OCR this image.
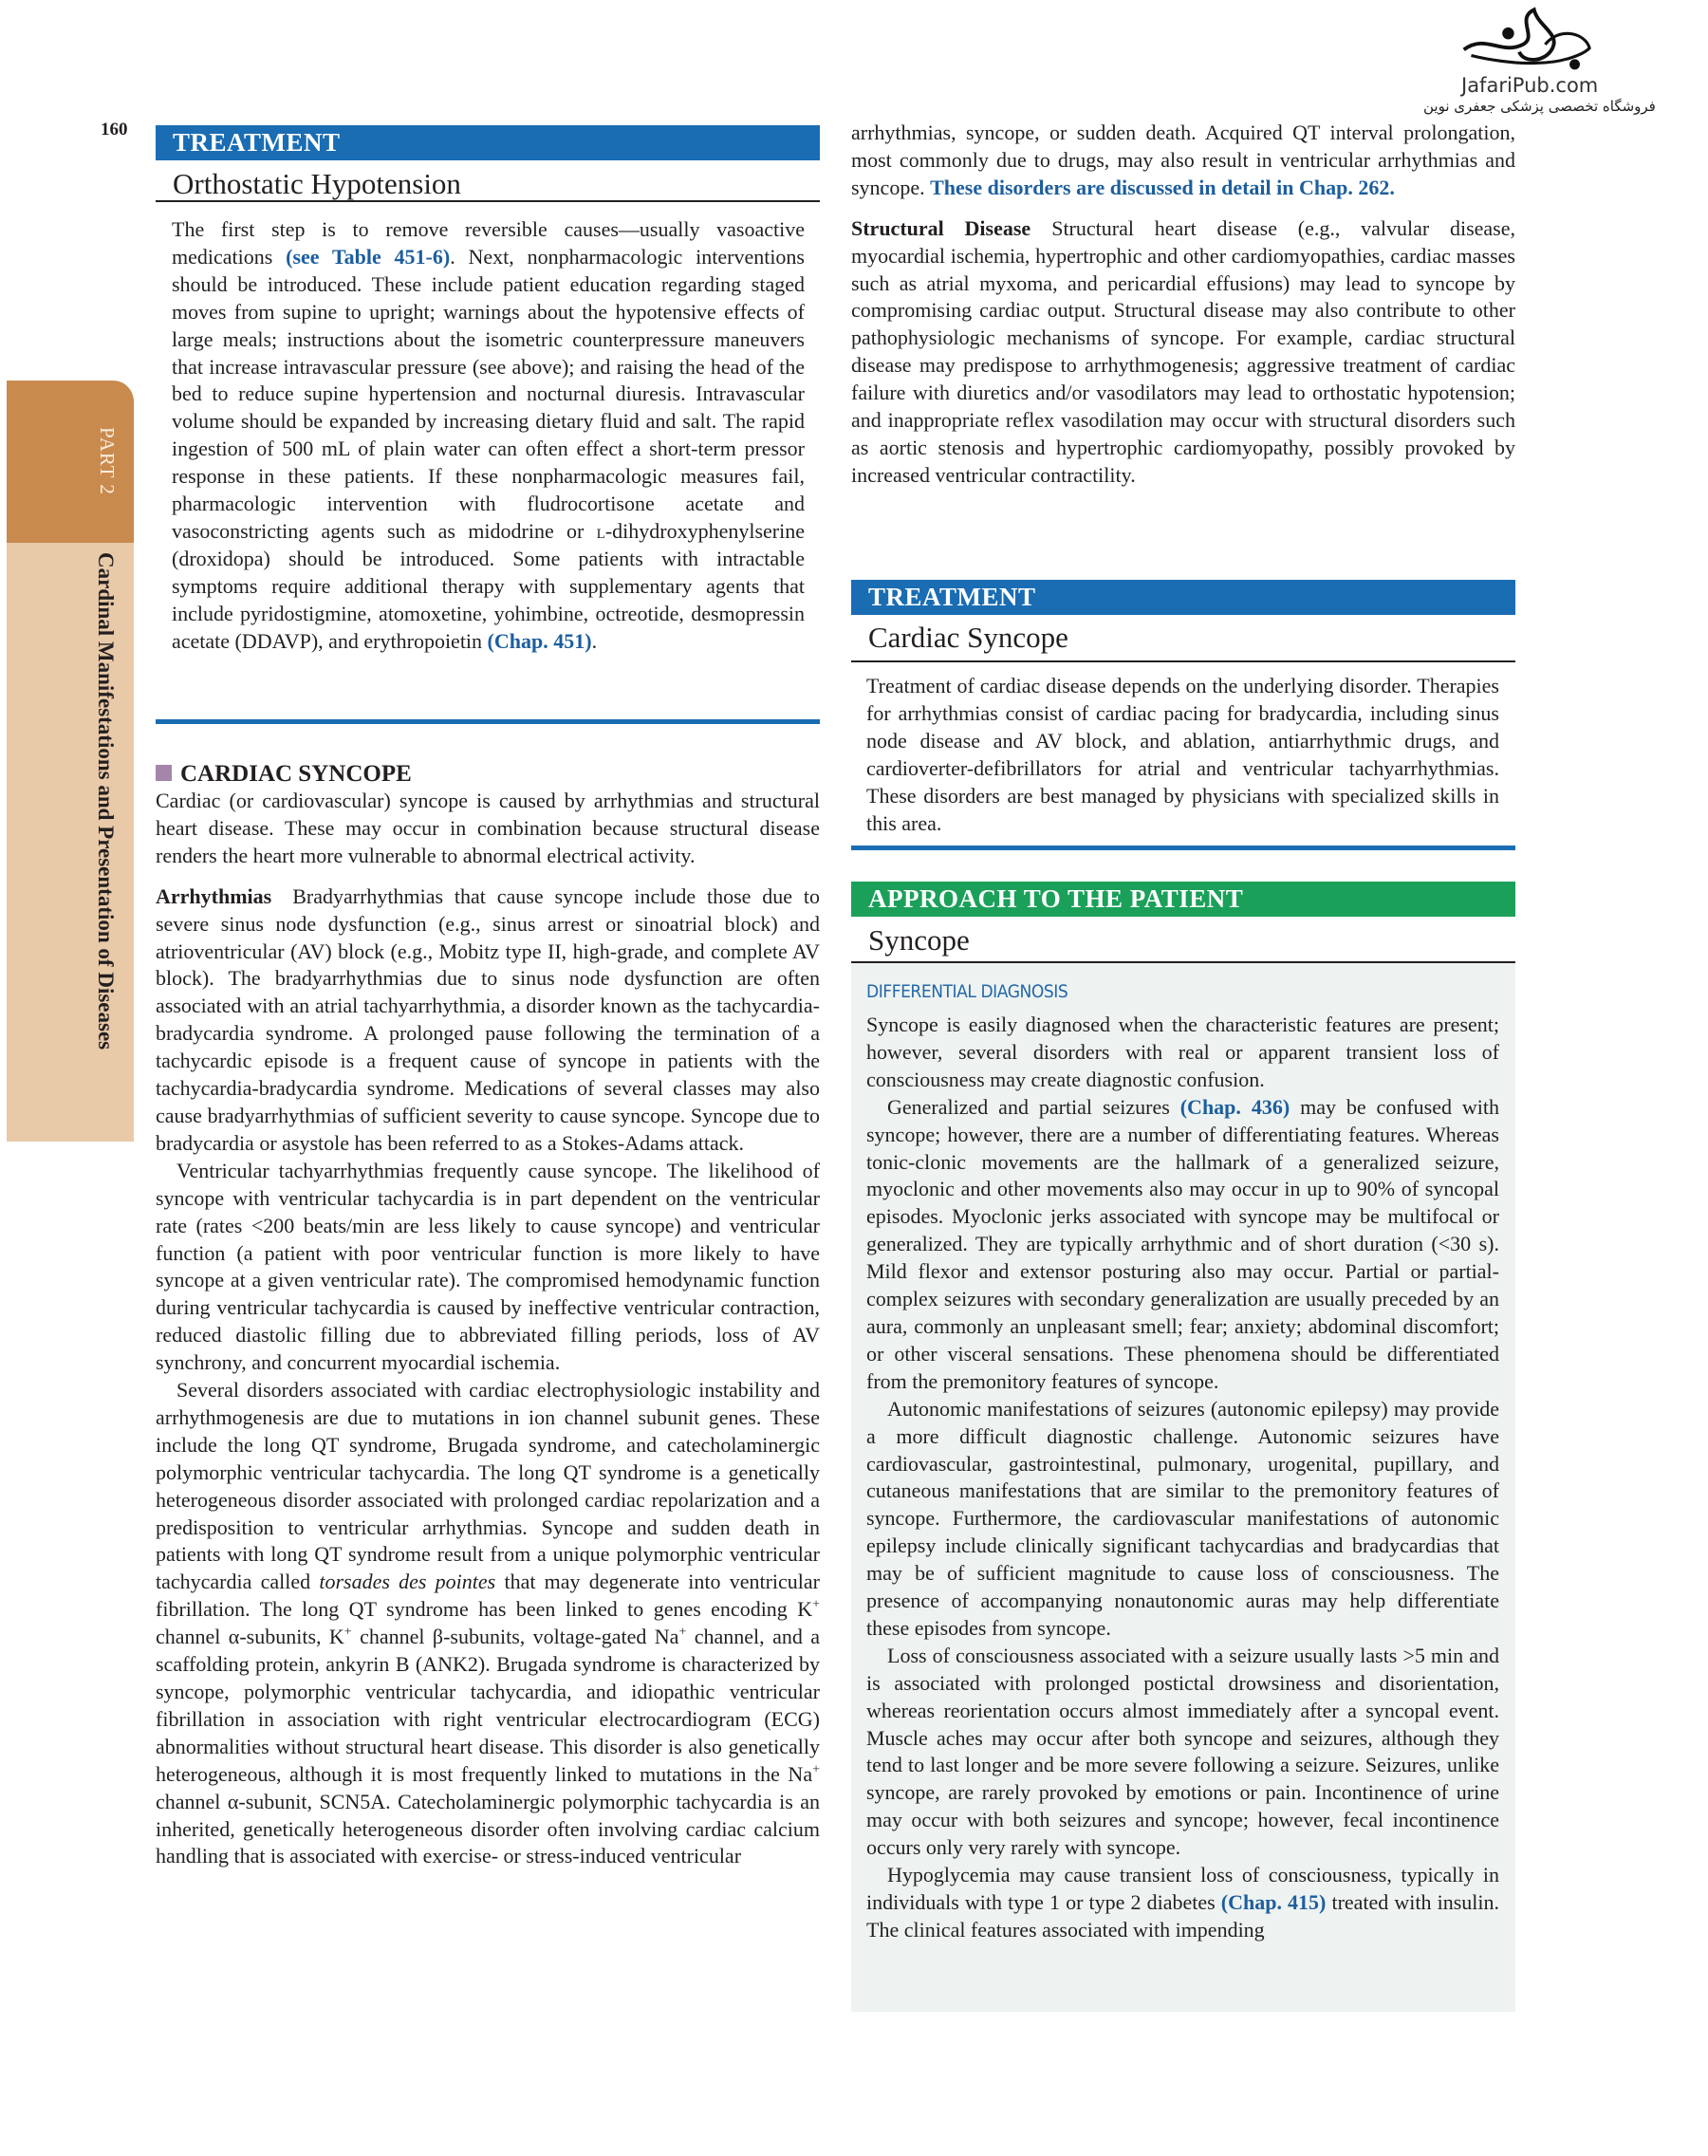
160
PART 2
Cardinal Manifestations and Presentation of Diseases
JafariPub.com
فروشگاه تخصصی پزشکی جعفری نوین
TREATMENT
Orthostatic Hypotension

The first step is to remove reversible causes—usually vasoactive medications (see Table 451-6). Next, nonpharmacologic interventions should be introduced. These include patient education regarding staged moves from supine to upright; warnings about the hypotensive effects of large meals; instructions about the isometric counterpressure maneuvers that increase intravascular pressure (see above); and raising the head of the bed to reduce supine hypertension and nocturnal diuresis. Intravascular volume should be expanded by increasing dietary fluid and salt. The rapid ingestion of 500 mL of plain water can often effect a short-term pressor response in these patients. If these nonpharmacologic measures fail, pharmacologic intervention with fludrocortisone acetate and vasoconstricting agents such as midodrine or l-dihydroxyphenylserine (droxidopa) should be introduced. Some patients with intractable symptoms require additional therapy with supplementary agents that include pyridostigmine, atomoxetine, yohimbine, octreotide, desmopressin acetate (DDAVP), and erythropoietin (Chap. 451).

CARDIAC SYNCOPE

Cardiac (or cardiovascular) syncope is caused by arrhythmias and structural heart disease. These may occur in combination because structural disease renders the heart more vulnerable to abnormal electrical activity.

Arrhythmias Bradyarrhythmias that cause syncope include those due to severe sinus node dysfunction (e.g., sinus arrest or sinoatrial block) and atrioventricular (AV) block (e.g., Mobitz type II, high-grade, and complete AV block). The bradyarrhythmias due to sinus node dysfunction are often associated with an atrial tachyarrhythmia, a disorder known as the tachycardia-bradycardia syndrome. A prolonged pause following the termination of a tachycardic episode is a frequent cause of syncope in patients with the tachycardia-bradycardia syndrome. Medications of several classes may also cause bradyarrhythmias of sufficient severity to cause syncope. Syncope due to bradycardia or asystole has been referred to as a Stokes-Adams attack.

Ventricular tachyarrhythmias frequently cause syncope. The likelihood of syncope with ventricular tachycardia is in part dependent on the ventricular rate (rates <200 beats/min are less likely to cause syncope) and ventricular function (a patient with poor ventricular function is more likely to have syncope at a given ventricular rate). The compromised hemodynamic function during ventricular tachycardia is caused by ineffective ventricular contraction, reduced diastolic filling due to abbreviated filling periods, loss of AV synchrony, and concurrent myocardial ischemia.

Several disorders associated with cardiac electrophysiologic instability and arrhythmogenesis are due to mutations in ion channel subunit genes. These include the long QT syndrome, Brugada syndrome, and catecholaminergic polymorphic ventricular tachycardia. The long QT syndrome is a genetically heterogeneous disorder associated with prolonged cardiac repolarization and a predisposition to ventricular arrhythmias. Syncope and sudden death in patients with long QT syndrome result from a unique polymorphic ventricular tachycardia called torsades des pointes that may degenerate into ventricular fibrillation. The long QT syndrome has been linked to genes encoding K+ channel α-subunits, K+ channel β-subunits, voltage-gated Na+ channel, and a scaffolding protein, ankyrin B (ANK2). Brugada syndrome is characterized by syncope, polymorphic ventricular tachycardia, and idiopathic ventricular fibrillation in association with right ventricular electrocardiogram (ECG) abnormalities without structural heart disease. This disorder is also genetically heterogeneous, although it is most frequently linked to mutations in the Na+ channel α-subunit, SCN5A. Catecholaminergic polymorphic tachycardia is an inherited, genetically heterogeneous disorder often involving cardiac calcium handling that is associated with exercise- or stress-induced ventricular

arrhythmias, syncope, or sudden death. Acquired QT interval prolongation, most commonly due to drugs, may also result in ventricular arrhythmias and syncope. These disorders are discussed in detail in Chap. 262.

Structural Disease Structural heart disease (e.g., valvular disease, myocardial ischemia, hypertrophic and other cardiomyopathies, cardiac masses such as atrial myxoma, and pericardial effusions) may lead to syncope by compromising cardiac output. Structural disease may also contribute to other pathophysiologic mechanisms of syncope. For example, cardiac structural disease may predispose to arrhythmogenesis; aggressive treatment of cardiac failure with diuretics and/or vasodilators may lead to orthostatic hypotension; and inappropriate reflex vasodilation may occur with structural disorders such as aortic stenosis and hypertrophic cardiomyopathy, possibly provoked by increased ventricular contractility.

TREATMENT
Cardiac Syncope

Treatment of cardiac disease depends on the underlying disorder. Therapies for arrhythmias consist of cardiac pacing for bradycardia, including sinus node disease and AV block, and ablation, antiarrhythmic drugs, and cardioverter-defibrillators for atrial and ventricular tachyarrhythmias. These disorders are best managed by physicians with specialized skills in this area.

APPROACH TO THE PATIENT
Syncope
DIFFERENTIAL DIAGNOSIS

Syncope is easily diagnosed when the characteristic features are present; however, several disorders with real or apparent transient loss of consciousness may create diagnostic confusion.

Generalized and partial seizures (Chap. 436) may be confused with syncope; however, there are a number of differentiating features. Whereas tonic-clonic movements are the hallmark of a generalized seizure, myoclonic and other movements also may occur in up to 90% of syncopal episodes. Myoclonic jerks associated with syncope may be multifocal or generalized. They are typically arrhythmic and of short duration (<30 s). Mild flexor and extensor posturing also may occur. Partial or partial-complex seizures with secondary generalization are usually preceded by an aura, commonly an unpleasant smell; fear; anxiety; abdominal discomfort; or other visceral sensations. These phenomena should be differentiated from the premonitory features of syncope.

Autonomic manifestations of seizures (autonomic epilepsy) may provide a more difficult diagnostic challenge. Autonomic seizures have cardiovascular, gastrointestinal, pulmonary, urogenital, pupillary, and cutaneous manifestations that are similar to the premonitory features of syncope. Furthermore, the cardiovascular manifestations of autonomic epilepsy include clinically significant tachycardias and bradycardias that may be of sufficient magnitude to cause loss of consciousness. The presence of accompanying nonautonomic auras may help differentiate these episodes from syncope.

Loss of consciousness associated with a seizure usually lasts >5 min and is associated with prolonged postictal drowsiness and disorientation, whereas reorientation occurs almost immediately after a syncopal event. Muscle aches may occur after both syncope and seizures, although they tend to last longer and be more severe following a seizure. Seizures, unlike syncope, are rarely provoked by emotions or pain. Incontinence of urine may occur with both seizures and syncope; however, fecal incontinence occurs only very rarely with syncope.

Hypoglycemia may cause transient loss of consciousness, typically in individuals with type 1 or type 2 diabetes (Chap. 415) treated with insulin. The clinical features associated with impending
